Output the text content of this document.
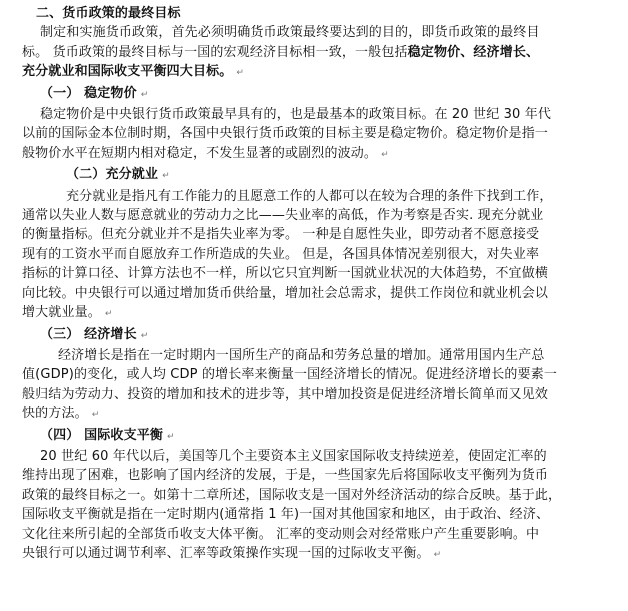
二、货币政策的最终目标
制定和实施货币政策，首先必须明确货币政策最终要达到的目的，即货币政策的最终目
标。 货币政策的最终目标与一国的宏观经济目标相一致，一般包括稳定物价、经济增长、
充分就业和国际收支平衡四大目标。 ↵
（一） 稳定物价 ↵
稳定物价是中央银行货币政策最早具有的，也是最基本的政策目标。在 20 世纪 30 年代
以前的国际金本位制时期，各国中央银行货币政策的目标主要是稳定物价。稳定物价是指一
般物价水平在短期内相对稳定，不发生显著的或剧烈的波动。 ↵
（二）充分就业 ↵
充分就业是指凡有工作能力的且愿意工作的人都可以在较为合理的条件下找到工作，
通常以失业人数与愿意就业的劳动力之比——失业率的高低，作为考察是否实. 现充分就业
的衡量指标。但充分就业并不是指失业率为零。 一种是自愿性失业，即劳动者不愿意接受
现有的工资水平而自愿放弃工作所造成的失业。 但是，各国具体情况差别很大，对失业率
指标的计算口径、计算方法也不一样，所以它只宜判断一国就业状况的大体趋势，不宜做横
向比较。中央银行可以通过增加货币供给量，增加社会总需求，提供工作岗位和就业机会以
增大就业量。 ↵
（三） 经济增长 ↵
经济增长是指在一定时期内一国所生产的商品和劳务总量的增加。通常用国内生产总
值(GDP)的变化，或人均 CDP 的增长率来衡量一国经济增长的情况。促进经济增长的要素一
般归结为劳动力、投资的增加和技术的进步等，其中增加投资是促进经济增长简单而又见效
快的方法。 ↵
（四） 国际收支平衡 ↵
20 世纪 60 年代以后，美国等几个主要资本主义国家国际收支持续逆差，使固定汇率的
维持出现了困难，也影响了国内经济的发展，于是，一些国家先后将国际收支平衡列为货币
政策的最终目标之一。如第十二章所述，国际收支是一国对外经济活动的综合反映。基于此，
国际收支平衡就是指在一定时期内(通常指 1 年)一国对其他国家和地区，由于政治、经济、
文化往来所引起的全部货币收支大体平衡。 汇率的变动则会对经常账户产生重要影响。中
央银行可以通过调节利率、汇率等政策操作实现一国的过际收支平衡。 ↵
